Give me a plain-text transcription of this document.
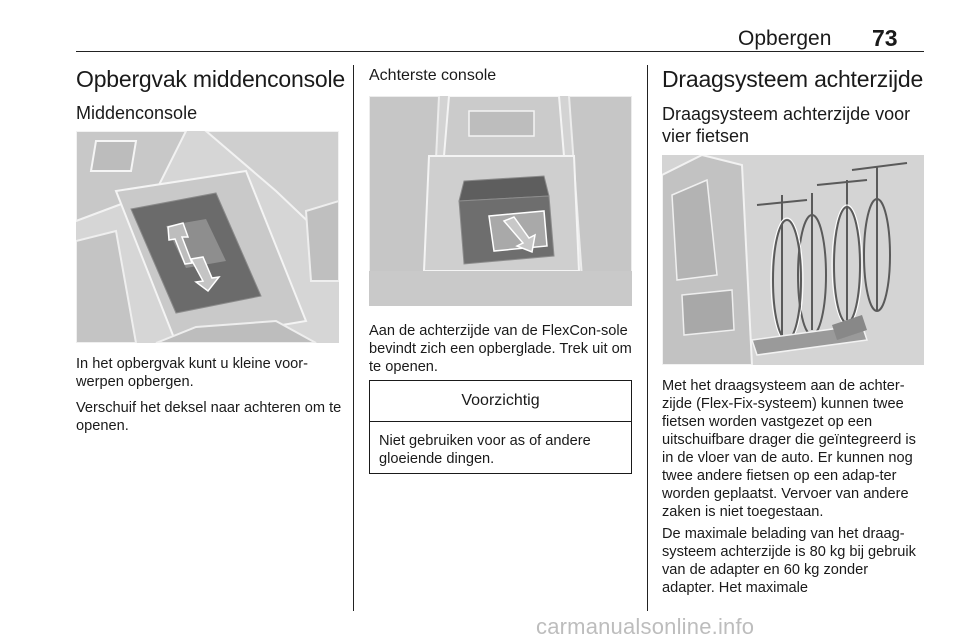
Opbergen 73
Opbergvak middenconsole
Middenconsole

In het opbergvak kunt u kleine voor-werpen opbergen.

Verschuif het deksel naar achteren om te openen.

Achterste console

Aan de achterzijde van de FlexCon-sole bevindt zich een opberglade. Trek uit om te openen.

Voorzichtig
Niet gebruiken voor as of andere gloeiende dingen.
Draagsysteem achterzijde
Draagsysteem achterzijde voor vier fietsen

Met het draagsysteem aan de achter-zijde (Flex-Fix-systeem) kunnen twee fietsen worden vastgezet op een uitschuifbare drager die geïntegreerd is in de vloer van de auto. Er kunnen nog twee andere fietsen op een adap-ter worden geplaatst. Vervoer van andere zaken is niet toegestaan.

De maximale belading van het draag-systeem achterzijde is 80 kg bij gebruik van de adapter en 60 kg zonder adapter. Het maximale

carmanualsonline.info
